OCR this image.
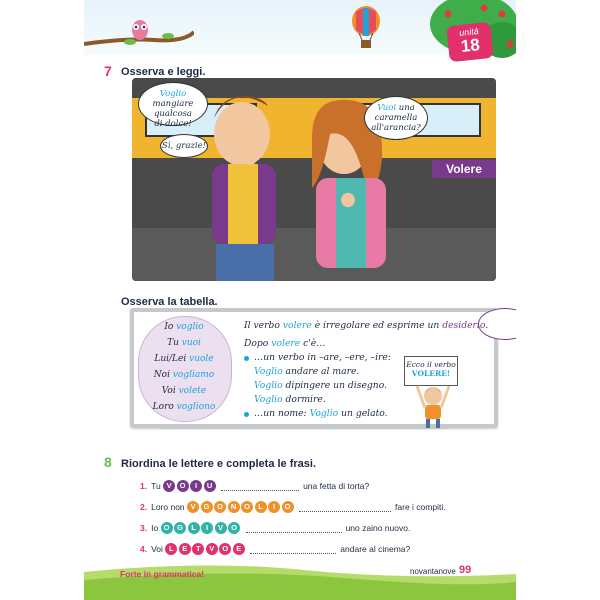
unità
18
7 Osserva e leggi.
Voglio mangiare
qualcosa
di dolce!
Sì, grazie!
Vuoi una
caramella
all'arancia?
Volere
Osserva la tabella.
Io voglio
Tu vuoi
Lui/Lei vuole
Noi vogliamo
Voi volete
Loro vogliono
Il verbo volere è irregolare ed esprime un desiderio.
Dopo volere c'è…
…un verbo in –are, –ere, –ire:
Voglio andare al mare.
Voglio dipingere un disegno.
Voglio dormire.
…un nome: Voglio un gelato.
Ecco il verbo
VOLERE!
8 Riordina le lettere e completa le frasi.
1. Tu
V O I U	una fetta di torta?
2. Loro non
V G O N O L I O	fare i compiti.
3. Io
O G L I V O	uno zaino nuovo.
4. Voi
L E T V O E	andare al cinema?
Forte in grammatica!	novantanove 99
